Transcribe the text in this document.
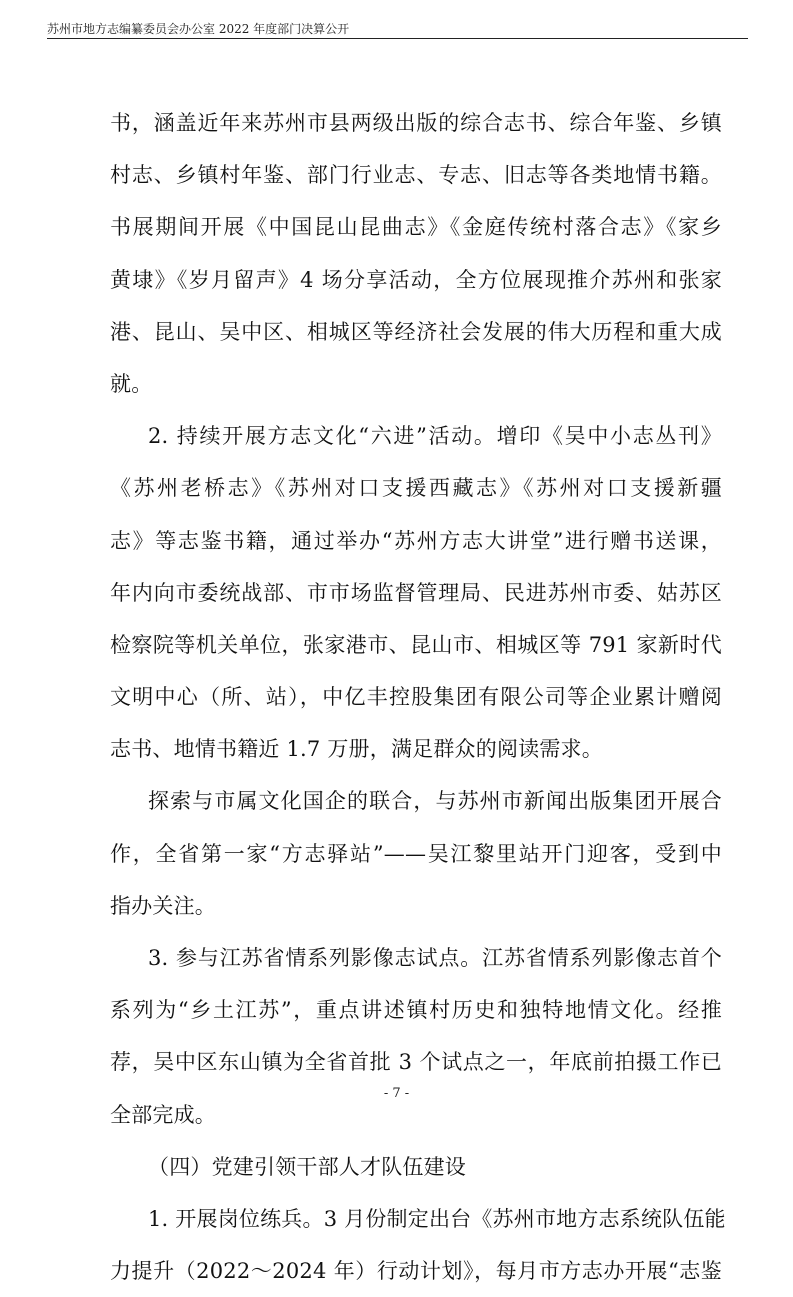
苏州市地方志编纂委员会办公室 2022 年度部门决算公开
书，涵盖近年来苏州市县两级出版的综合志书、综合年鉴、乡镇
村志、乡镇村年鉴、部门行业志、专志、旧志等各类地情书籍。
书展期间开展《中国昆山昆曲志》《金庭传统村落合志》《家乡
黄埭》《岁月留声》4 场分享活动，全方位展现推介苏州和张家
港、昆山、吴中区、相城区等经济社会发展的伟大历程和重大成
就。
2. 持续开展方志文化“六进”活动。增印《吴中小志丛刊》
《苏州老桥志》《苏州对口支援西藏志》《苏州对口支援新疆
志》等志鉴书籍，通过举办“苏州方志大讲堂”进行赠书送课，
年内向市委统战部、市市场监督管理局、民进苏州市委、姑苏区
检察院等机关单位，张家港市、昆山市、相城区等 791 家新时代
文明中心（所、站），中亿丰控股集团有限公司等企业累计赠阅
志书、地情书籍近 1.7 万册，满足群众的阅读需求。
探索与市属文化国企的联合，与苏州市新闻出版集团开展合
作，全省第一家“方志驿站”——吴江黎里站开门迎客，受到中
指办关注。
3. 参与江苏省情系列影像志试点。江苏省情系列影像志首个
系列为“乡土江苏”，重点讲述镇村历史和独特地情文化。经推
荐，吴中区东山镇为全省首批 3 个试点之一，年底前拍摄工作已
全部完成。
（四）党建引领干部人才队伍建设
1. 开展岗位练兵。3 月份制定出台《苏州市地方志系统队伍能
力提升（2022～2024 年）行动计划》，每月市方志办开展“志鉴
- 7 -
